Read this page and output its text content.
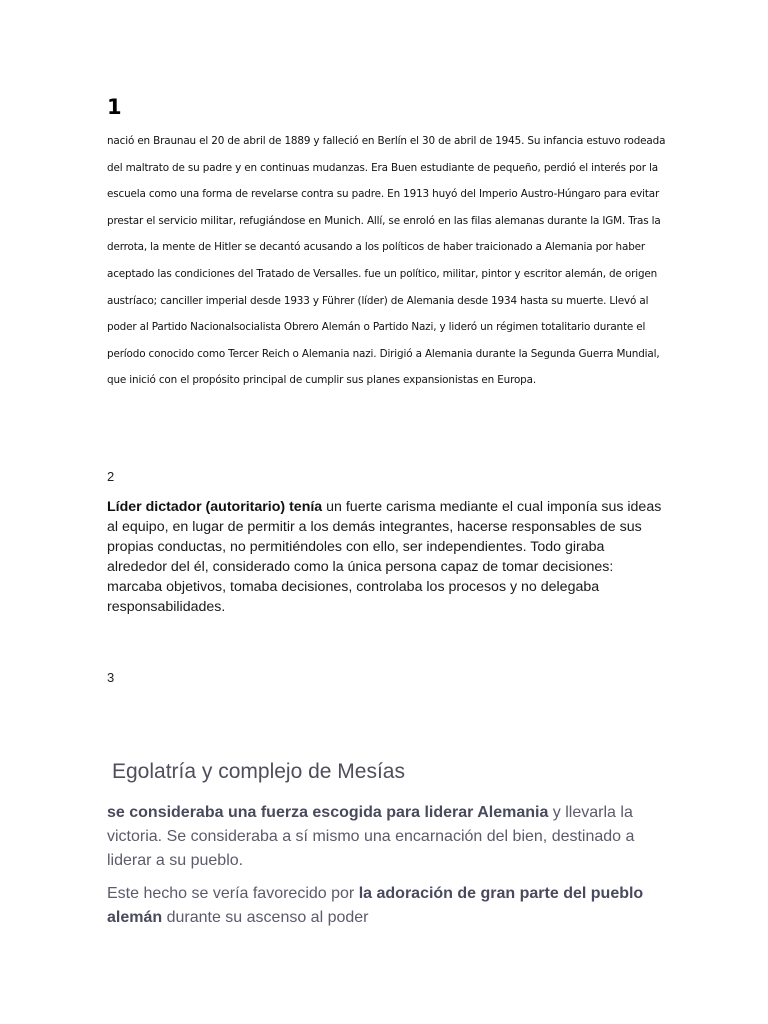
1

nació en Braunau el 20 de abril de 1889 y falleció en Berlín el 30 de abril de 1945. Su infancia estuvo rodeada del maltrato de su padre y en continuas mudanzas. Era Buen estudiante de pequeño, perdió el interés por la escuela como una forma de revelarse contra su padre. En 1913 huyó del Imperio Austro-Húngaro para evitar prestar el servicio militar, refugiándose en Munich. Allí, se enroló en las filas alemanas durante la IGM. Tras la derrota, la mente de Hitler se decantó acusando a los políticos de haber traicionado a Alemania por haber aceptado las condiciones del Tratado de Versalles. fue un político, militar, pintor y escritor alemán, de origen austríaco; canciller imperial desde 1933 y Führer (líder) de Alemania desde 1934 hasta su muerte. Llevó al poder al Partido Nacionalsocialista Obrero Alemán o Partido Nazi, y lideró un régimen totalitario durante el período conocido como Tercer Reich o Alemania nazi. Dirigió a Alemania durante la Segunda Guerra Mundial, que inició con el propósito principal de cumplir sus planes expansionistas en Europa.

2

Líder dictador (autoritario) tenía un fuerte carisma mediante el cual imponía sus ideas al equipo, en lugar de permitir a los demás integrantes, hacerse responsables de sus propias conductas, no permitiéndoles con ello, ser independientes. Todo giraba alrededor del él, considerado como la única persona capaz de tomar decisiones: marcaba objetivos, tomaba decisiones, controlaba los procesos y no delegaba responsabilidades.

3

Egolatría y complejo de Mesías

se consideraba una fuerza escogida para liderar Alemania y llevarla la victoria. Se consideraba a sí mismo una encarnación del bien, destinado a liderar a su pueblo.

Este hecho se vería favorecido por la adoración de gran parte del pueblo alemán durante su ascenso al poder
